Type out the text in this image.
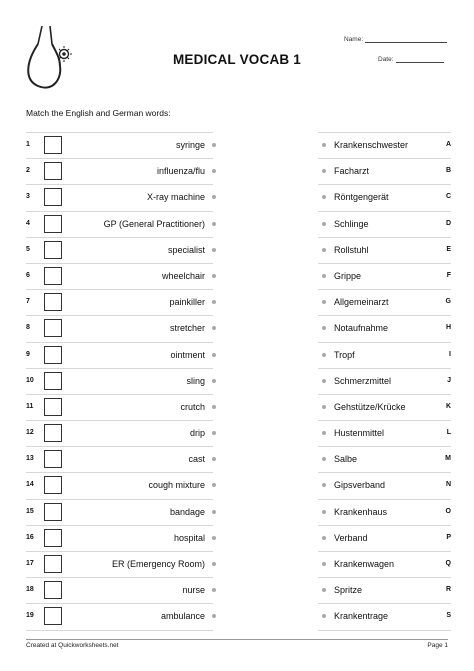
MEDICAL VOCAB 1
Name:
Date:
Match the English and German words:
1	syringe
2	influenza/flu
3	X-ray machine
4	GP (General Practitioner)
5	specialist
6	wheelchair
7	painkiller
8	stretcher
9	ointment
10	sling
11	crutch
12	drip
13	cast
14	cough mixture
15	bandage
16	hospital
17	ER (Emergency Room)
18	nurse
19	ambulance
Krankenschwester	A
Facharzt	B
Röntgengerät	C
Schlinge	D
Rollstuhl	E
Grippe	F
Allgemeinarzt	G
Notaufnahme	H
Tropf	I
Schmerzmittel	J
Gehstütze/Krücke	K
Hustenmittel	L
Salbe	M
Gipsverband	N
Krankenhaus	O
Verband	P
Krankenwagen	Q
Spritze	R
Krankentrage	S
Created at Quickworksheets.net	Page 1
